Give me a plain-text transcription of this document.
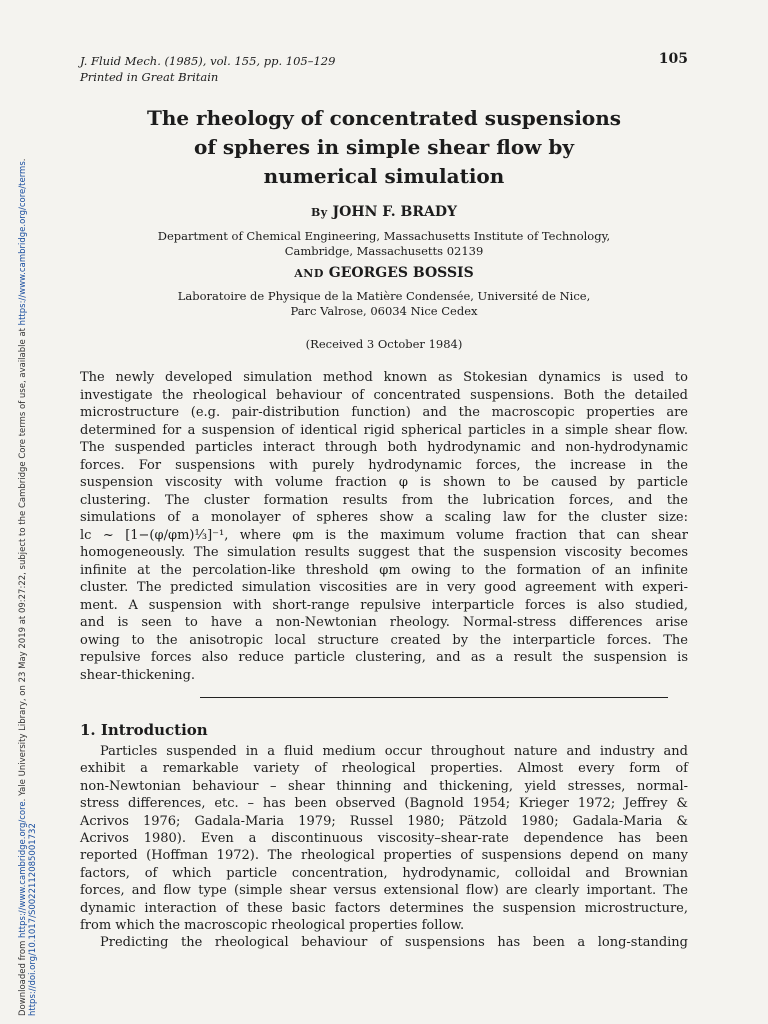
J. Fluid Mech. (1985), vol. 155, pp. 105–129
Printed in Great Britain
105
The rheology of concentrated suspensions
of spheres in simple shear flow by
numerical simulation
By JOHN F. BRADY
Department of Chemical Engineering, Massachusetts Institute of Technology,
Cambridge, Massachusetts 02139
AND GEORGES BOSSIS
Laboratoire de Physique de la Matière Condensée, Université de Nice,
Parc Valrose, 06034 Nice Cedex
(Received 3 October 1984)
The newly developed simulation method known as Stokesian dynamics is used to
investigate the rheological behaviour of concentrated suspensions. Both the detailed
microstructure (e.g. pair-distribution function) and the macroscopic properties are
determined for a suspension of identical rigid spherical particles in a simple shear flow.
The suspended particles interact through both hydrodynamic and non-hydrodynamic
forces. For suspensions with purely hydrodynamic forces, the increase in the
suspension viscosity with volume fraction φ is shown to be caused by particle
clustering. The cluster formation results from the lubrication forces, and the
simulations of a monolayer of spheres show a scaling law for the cluster size:
lc ~ [1−(φ/φm)⅓]⁻¹, where φm is the maximum volume fraction that can shear
homogeneously. The simulation results suggest that the suspension viscosity becomes
infinite at the percolation-like threshold φm owing to the formation of an infinite
cluster. The predicted simulation viscosities are in very good agreement with experi-
ment. A suspension with short-range repulsive interparticle forces is also studied,
and is seen to have a non-Newtonian rheology. Normal-stress differences arise
owing to the anisotropic local structure created by the interparticle forces. The
repulsive forces also reduce particle clustering, and as a result the suspension is
shear-thickening.
1. Introduction
Particles suspended in a fluid medium occur throughout nature and industry and
exhibit a remarkable variety of rheological properties. Almost every form of
non-Newtonian behaviour – shear thinning and thickening, yield stresses, normal-
stress differences, etc. – has been observed (Bagnold 1954; Krieger 1972; Jeffrey &
Acrivos 1976; Gadala-Maria 1979; Russel 1980; Pätzold 1980; Gadala-Maria &
Acrivos 1980). Even a discontinuous viscosity–shear-rate dependence has been
reported (Hoffman 1972). The rheological properties of suspensions depend on many
factors, of which particle concentration, hydrodynamic, colloidal and Brownian
forces, and flow type (simple shear versus extensional flow) are clearly important. The
dynamic interaction of these basic factors determines the suspension microstructure,
from which the macroscopic rheological properties follow.
Predicting the rheological behaviour of suspensions has been a long-standing
Downloaded from https://www.cambridge.org/core. Yale University Library, on 23 May 2019 at 09:27:22, subject to the Cambridge Core terms of use, available at https://www.cambridge.org/core/terms.
https://doi.org/10.1017/S0022112085001732
